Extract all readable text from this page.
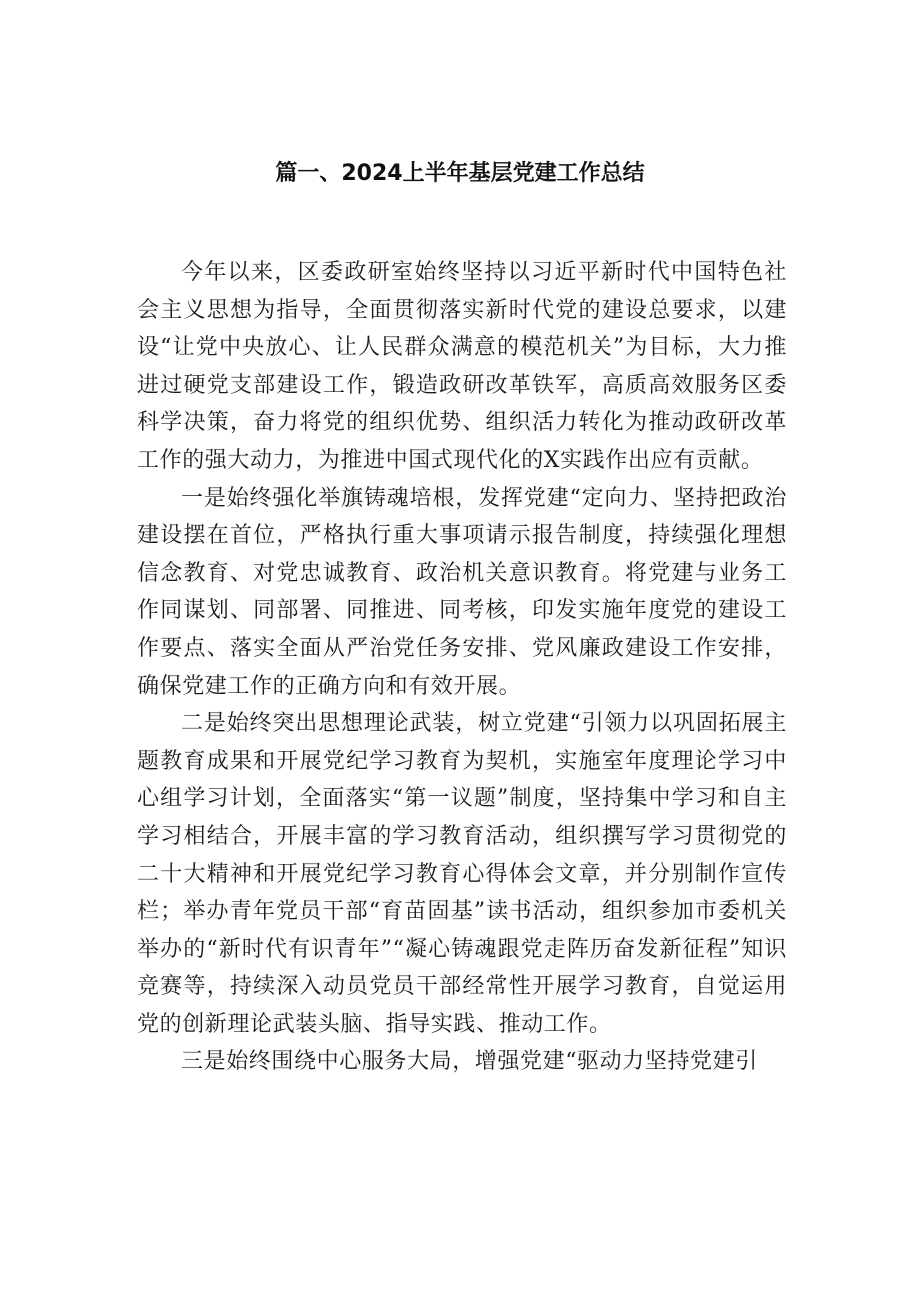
篇一、2024上半年基层党建工作总结

今年以来，区委政研室始终坚持以习近平新时代中国特色社会主义思想为指导，全面贯彻落实新时代党的建设总要求，以建设“让党中央放心、让人民群众满意的模范机关”为目标，大力推进过硬党支部建设工作，锻造政研改革铁军，高质高效服务区委科学决策，奋力将党的组织优势、组织活力转化为推动政研改革工作的强大动力，为推进中国式现代化的X实践作出应有贡献。

一是始终强化举旗铸魂培根，发挥党建“定向力、坚持把政治建设摆在首位，严格执行重大事项请示报告制度，持续强化理想信念教育、对党忠诚教育、政治机关意识教育。将党建与业务工作同谋划、同部署、同推进、同考核，印发实施年度党的建设工作要点、落实全面从严治党任务安排、党风廉政建设工作安排，确保党建工作的正确方向和有效开展。

二是始终突出思想理论武装，树立党建“引领力以巩固拓展主题教育成果和开展党纪学习教育为契机，实施室年度理论学习中心组学习计划，全面落实“第一议题”制度，坚持集中学习和自主学习相结合，开展丰富的学习教育活动，组织撰写学习贯彻党的二十大精神和开展党纪学习教育心得体会文章，并分别制作宣传栏；举办青年党员干部“育苗固基”读书活动，组织参加市委机关举办的“新时代有识青年”“凝心铸魂跟党走阵历奋发新征程”知识竞赛等，持续深入动员党员干部经常性开展学习教育，自觉运用党的创新理论武装头脑、指导实践、推动工作。

三是始终围绕中心服务大局，增强党建“驱动力坚持党建引
